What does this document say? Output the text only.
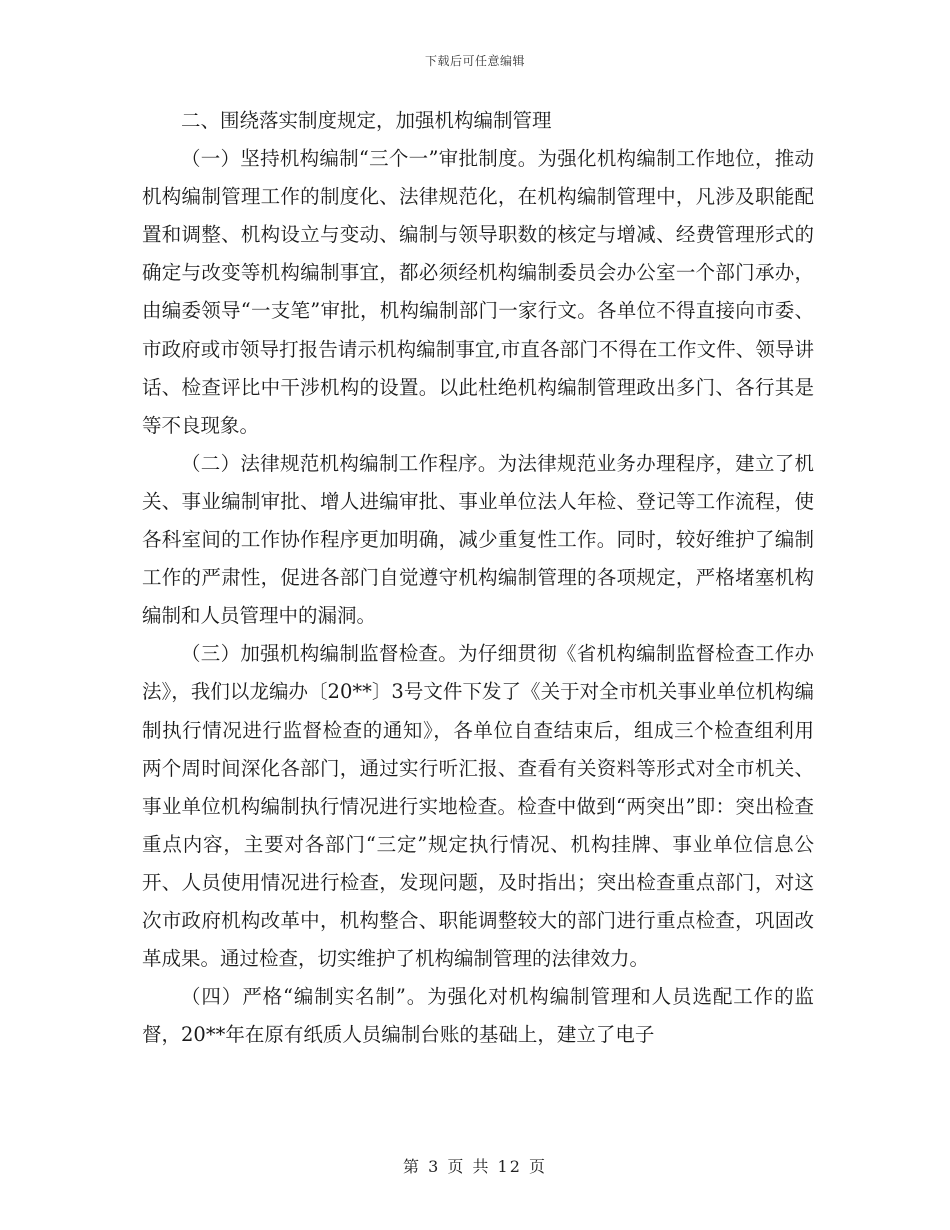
下载后可任意编辑

二、围绕落实制度规定，加强机构编制管理

（一）坚持机构编制“三个一”审批制度。为强化机构编制工作地位，推动机构编制管理工作的制度化、法律规范化，在机构编制管理中，凡涉及职能配置和调整、机构设立与变动、编制与领导职数的核定与增减、经费管理形式的确定与改变等机构编制事宜，都必须经机构编制委员会办公室一个部门承办，由编委领导“一支笔”审批，机构编制部门一家行文。各单位不得直接向市委、市政府或市领导打报告请示机构编制事宜,市直各部门不得在工作文件、领导讲话、检查评比中干涉机构的设置。以此杜绝机构编制管理政出多门、各行其是等不良现象。

（二）法律规范机构编制工作程序。为法律规范业务办理程序，建立了机关、事业编制审批、增人进编审批、事业单位法人年检、登记等工作流程，使各科室间的工作协作程序更加明确，减少重复性工作。同时，较好维护了编制工作的严肃性，促进各部门自觉遵守机构编制管理的各项规定，严格堵塞机构编制和人员管理中的漏洞。

（三）加强机构编制监督检查。为仔细贯彻《省机构编制监督检查工作办法》，我们以龙编办〔20**〕3号文件下发了《关于对全市机关事业单位机构编制执行情况进行监督检查的通知》，各单位自查结束后，组成三个检查组利用两个周时间深化各部门，通过实行听汇报、查看有关资料等形式对全市机关、事业单位机构编制执行情况进行实地检查。检查中做到“两突出”即：突出检查重点内容，主要对各部门“三定”规定执行情况、机构挂牌、事业单位信息公开、人员使用情况进行检查，发现问题，及时指出；突出检查重点部门，对这次市政府机构改革中，机构整合、职能调整较大的部门进行重点检查，巩固改革成果。通过检查，切实维护了机构编制管理的法律效力。

（四）严格“编制实名制”。为强化对机构编制管理和人员选配工作的监督，20**年在原有纸质人员编制台账的基础上，建立了电子

第 3 页 共 12 页
